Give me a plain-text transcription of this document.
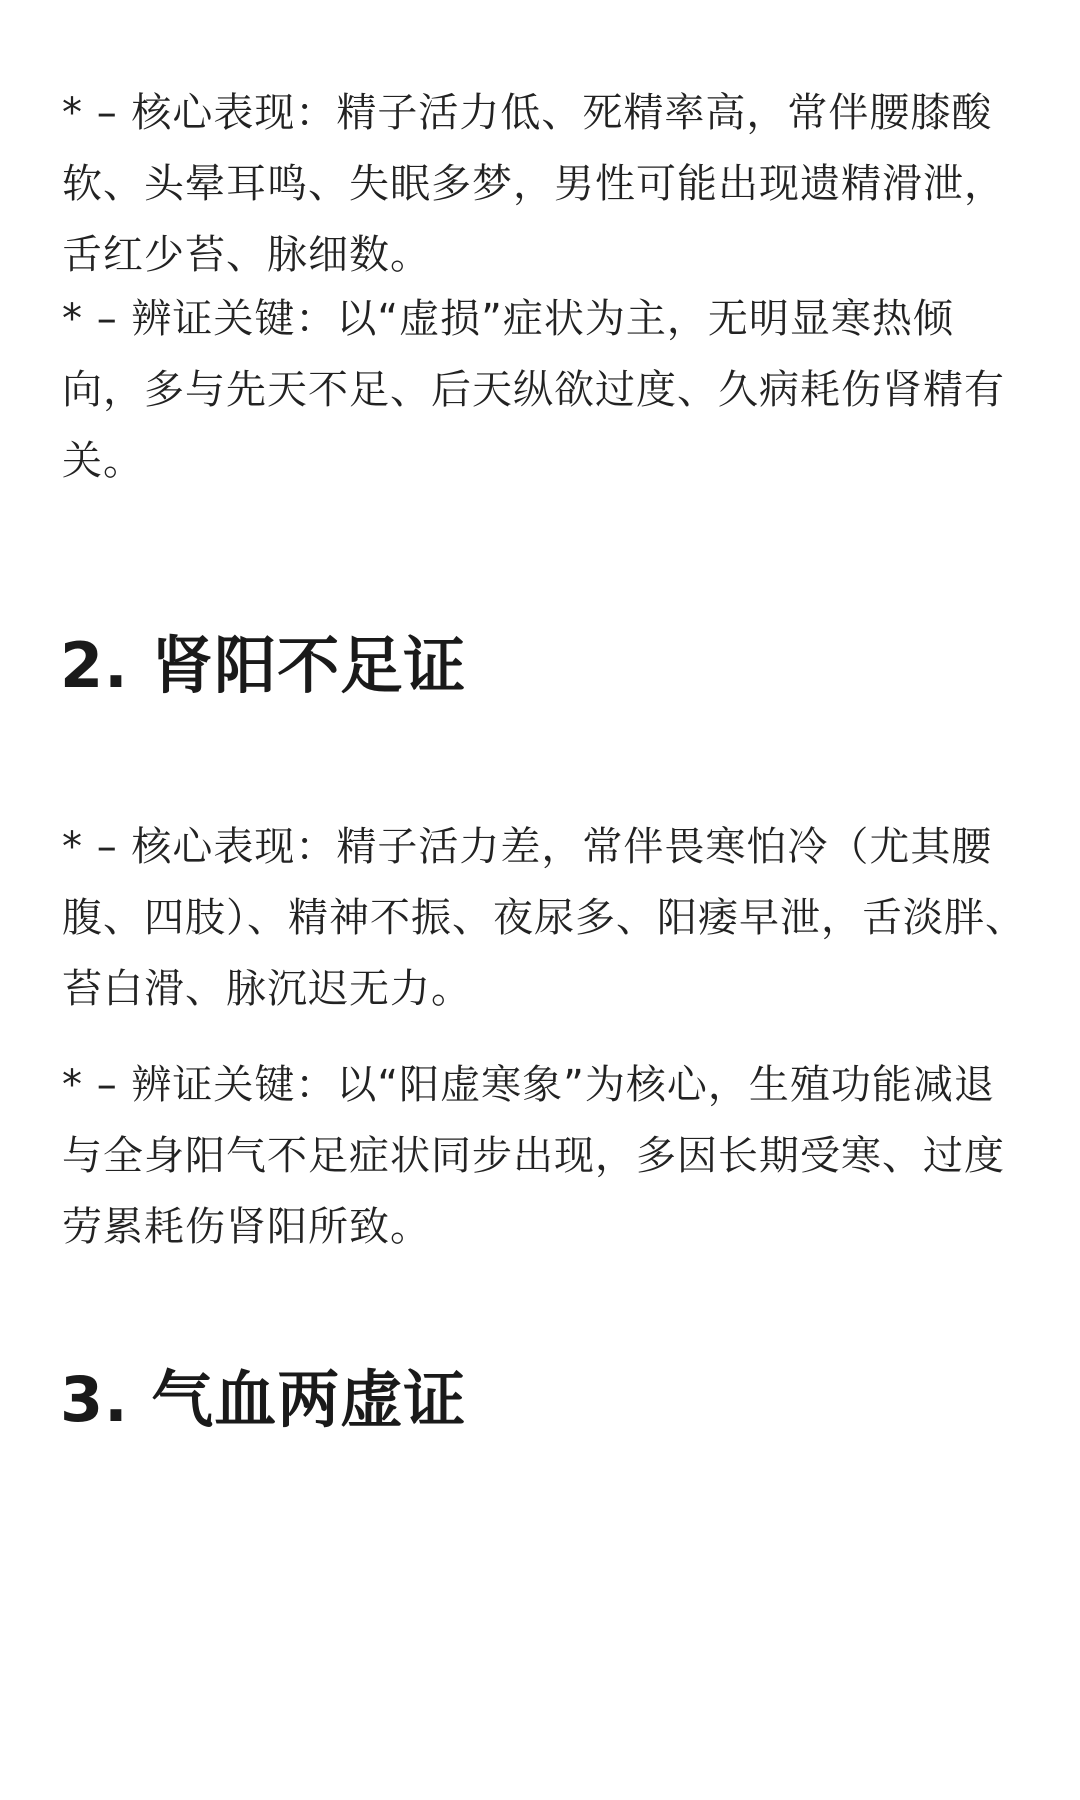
* – 核心表现：精子活力低、死精率高，常伴腰膝酸软、头晕耳鸣、失眠多梦，男性可能出现遗精滑泄，舌红少苔、脉细数。

* – 辨证关键：以“虚损”症状为主，无明显寒热倾向，多与先天不足、后天纵欲过度、久病耗伤肾精有关。

2. 肾阳不足证

* – 核心表现：精子活力差，常伴畏寒怕冷（尤其腰腹、四肢）、精神不振、夜尿多、阳痿早泄，舌淡胖、苔白滑、脉沉迟无力。

* – 辨证关键：以“阳虚寒象”为核心，生殖功能减退与全身阳气不足症状同步出现，多因长期受寒、过度劳累耗伤肾阳所致。

3. 气血两虚证
